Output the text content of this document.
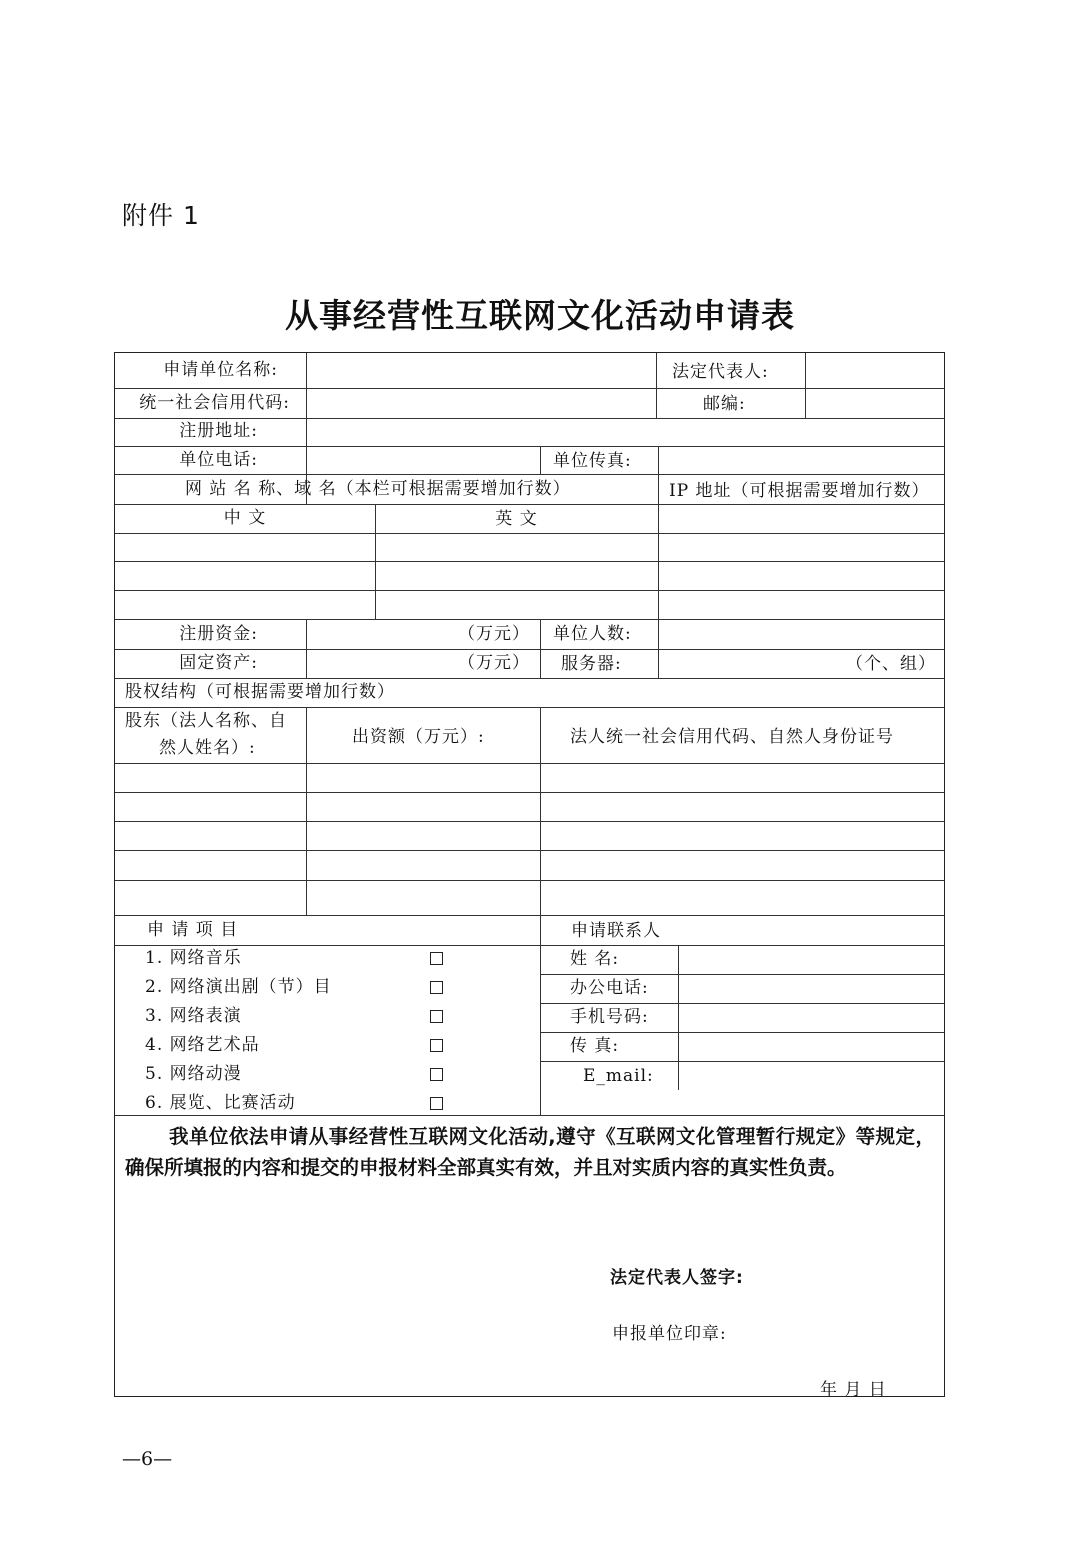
附件 1
从事经营性互联网文化活动申请表
申请单位名称:	法定代表人:
统一社会信用代码:	邮编:
注册地址:
单位电话:	单位传真:
网 站 名 称、域 名（本栏可根据需要增加行数）	IP 地址（可根据需要增加行数）
中 文	英 文
注册资金:	（万元） 单位人数:
固定资产:	（万元） 服务器:	（个、组）
股权结构（可根据需要增加行数）
股东（法人名称、自
然人姓名）:
出资额（万元）:	法人统一社会信用代码、自然人身份证号
申 请 项 目	申请联系人
1. 网络音乐
2. 网络演出剧（节）目
3. 网络表演
4. 网络艺术品
5. 网络动漫
6. 展览、比赛活动
姓 名:
办公电话:
手机号码:
传 真:
E_mail:
我单位依法申请从事经营性互联网文化活动,遵守《互联网文化管理暂行规定》等规定，确保所填报的内容和提交的申报材料全部真实有效，并且对实质内容的真实性负责。
法定代表人签字:
申报单位印章:
年 月 日
—6—
